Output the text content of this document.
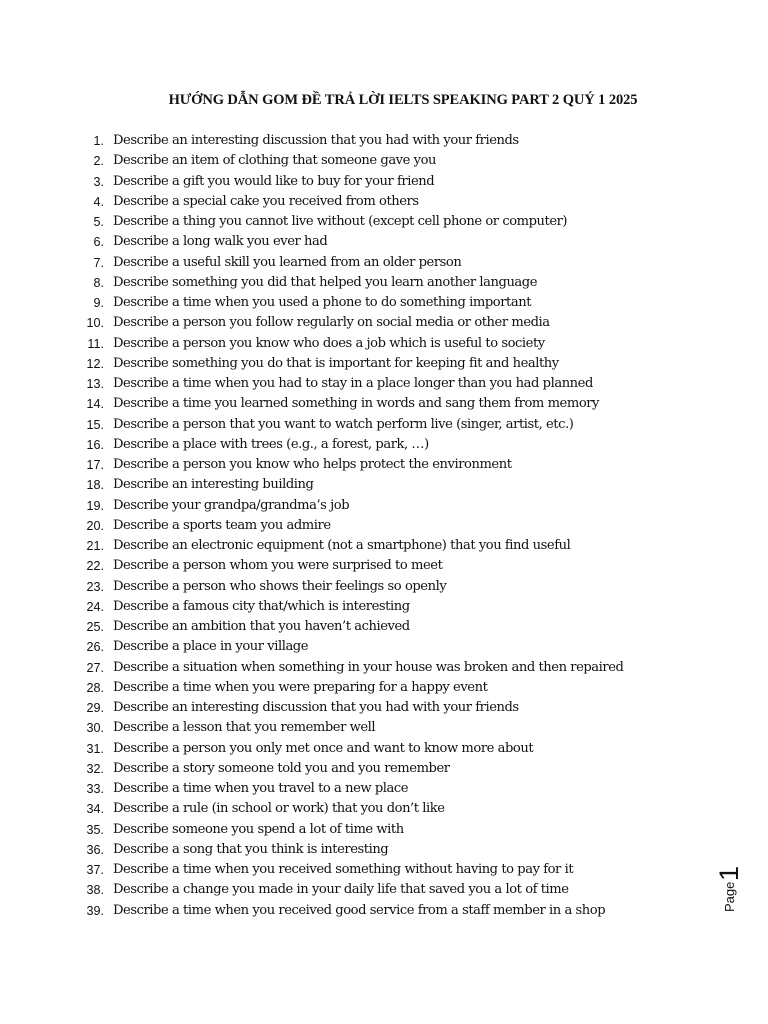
HƯỚNG DẪN GOM ĐỀ TRẢ LỜI IELTS SPEAKING PART 2 QUÝ 1 2025
1. Describe an interesting discussion that you had with your friends
2. Describe an item of clothing that someone gave you
3. Describe a gift you would like to buy for your friend
4. Describe a special cake you received from others
5. Describe a thing you cannot live without (except cell phone or computer)
6. Describe a long walk you ever had
7. Describe a useful skill you learned from an older person
8. Describe something you did that helped you learn another language
9. Describe a time when you used a phone to do something important
10. Describe a person you follow regularly on social media or other media
11. Describe a person you know who does a job which is useful to society
12. Describe something you do that is important for keeping fit and healthy
13. Describe a time when you had to stay in a place longer than you had planned
14. Describe a time you learned something in words and sang them from memory
15. Describe a person that you want to watch perform live (singer, artist, etc.)
16. Describe a place with trees (e.g., a forest, park, …)
17. Describe a person you know who helps protect the environment
18. Describe an interesting building
19. Describe your grandpa/grandma’s job
20. Describe a sports team you admire
21. Describe an electronic equipment (not a smartphone) that you find useful
22. Describe a person whom you were surprised to meet
23. Describe a person who shows their feelings so openly
24. Describe a famous city that/which is interesting
25. Describe an ambition that you haven’t achieved
26. Describe a place in your village
27. Describe a situation when something in your house was broken and then repaired
28. Describe a time when you were preparing for a happy event
29. Describe an interesting discussion that you had with your friends
30. Describe a lesson that you remember well
31. Describe a person you only met once and want to know more about
32. Describe a story someone told you and you remember
33. Describe a time when you travel to a new place
34. Describe a rule (in school or work) that you don’t like
35. Describe someone you spend a lot of time with
36. Describe a song that you think is interesting
37. Describe a time when you received something without having to pay for it
38. Describe a change you made in your daily life that saved you a lot of time
39. Describe a time when you received good service from a staff member in a shop	Page
1
